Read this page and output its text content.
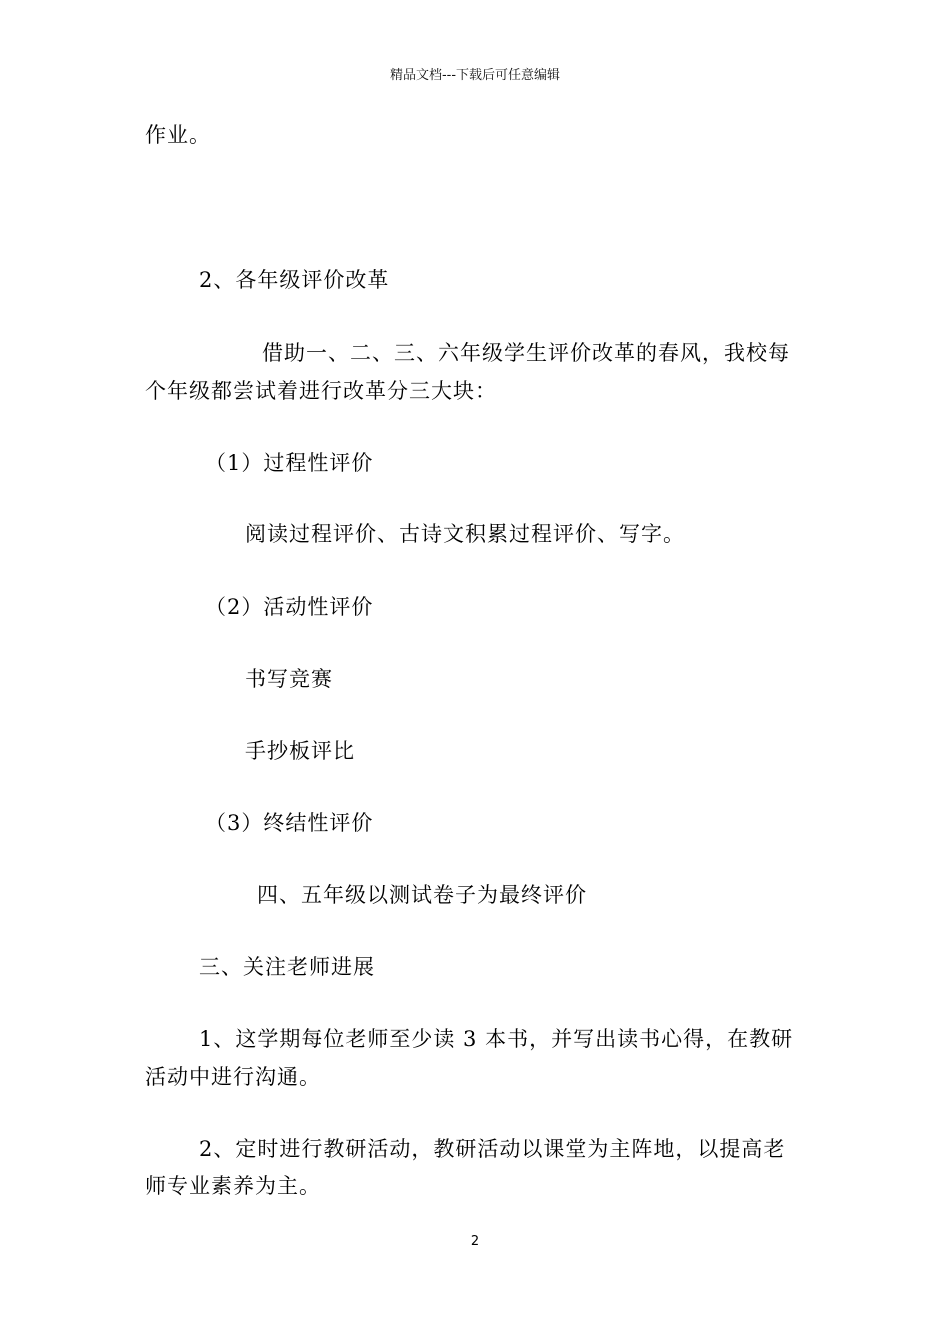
精品文档---下载后可任意编辑
作业。
2、各年级评价改革
借助一、二、三、六年级学生评价改革的春风，我校每
个年级都尝试着进行改革分三大块：
（1）过程性评价
阅读过程评价、古诗文积累过程评价、写字。
（2）活动性评价
书写竞赛
手抄板评比
（3）终结性评价
四、五年级以测试卷子为最终评价
三、关注老师进展
1、这学期每位老师至少读 3 本书，并写出读书心得，在教研
活动中进行沟通。
2、定时进行教研活动，教研活动以课堂为主阵地，以提高老
师专业素养为主。
2
